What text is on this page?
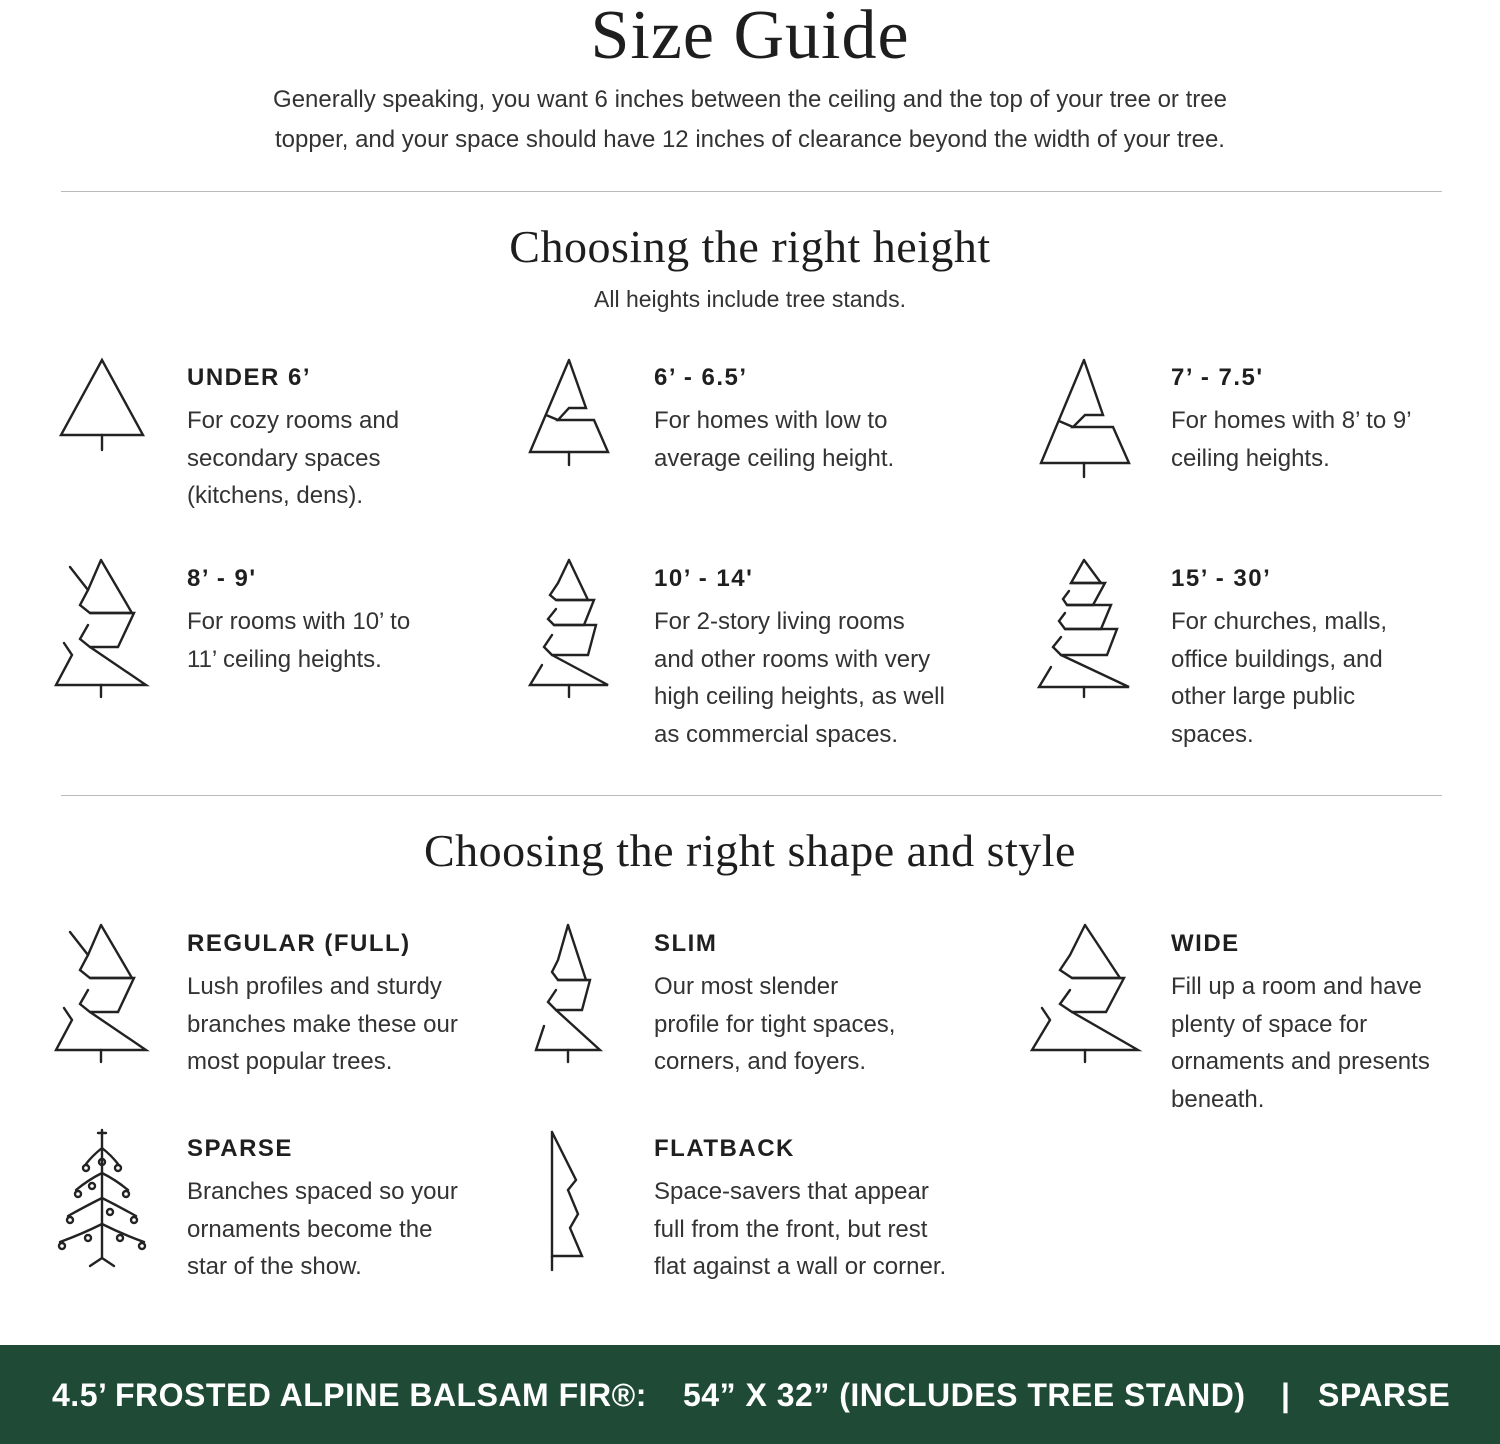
Size Guide
Generally speaking, you want 6 inches between the ceiling and the top of your tree or tree
topper, and your space should have 12 inches of clearance beyond the width of your tree.
Choosing the right height
All heights include tree stands.
UNDER 6’
For cozy rooms and
secondary spaces
(kitchens, dens).
6’ - 6.5’
For homes with low to
average ceiling height.
7’ - 7.5'
For homes with 8’ to 9’
ceiling heights.
8’ - 9'
For rooms with 10’ to
11’ ceiling heights.
10’ - 14'
For 2-story living rooms
and other rooms with very
high ceiling heights, as well
as commercial spaces.
15’ - 30’
For churches, malls,
office buildings, and
other large public
spaces.
Choosing the right shape and style
REGULAR (FULL)
Lush profiles and sturdy
branches make these our
most popular trees.
SLIM
Our most slender
profile for tight spaces,
corners, and foyers.
WIDE
Fill up a room and have
plenty of space for
ornaments and presents
beneath.
SPARSE
Branches spaced so your
ornaments become the
star of the show.
FLATBACK
Space-savers that appear
full from the front, but rest
flat against a wall or corner.
4.5’ FROSTED ALPINE BALSAM FIR®: 54” X 32” (INCLUDES TREE STAND) | SPARSE
